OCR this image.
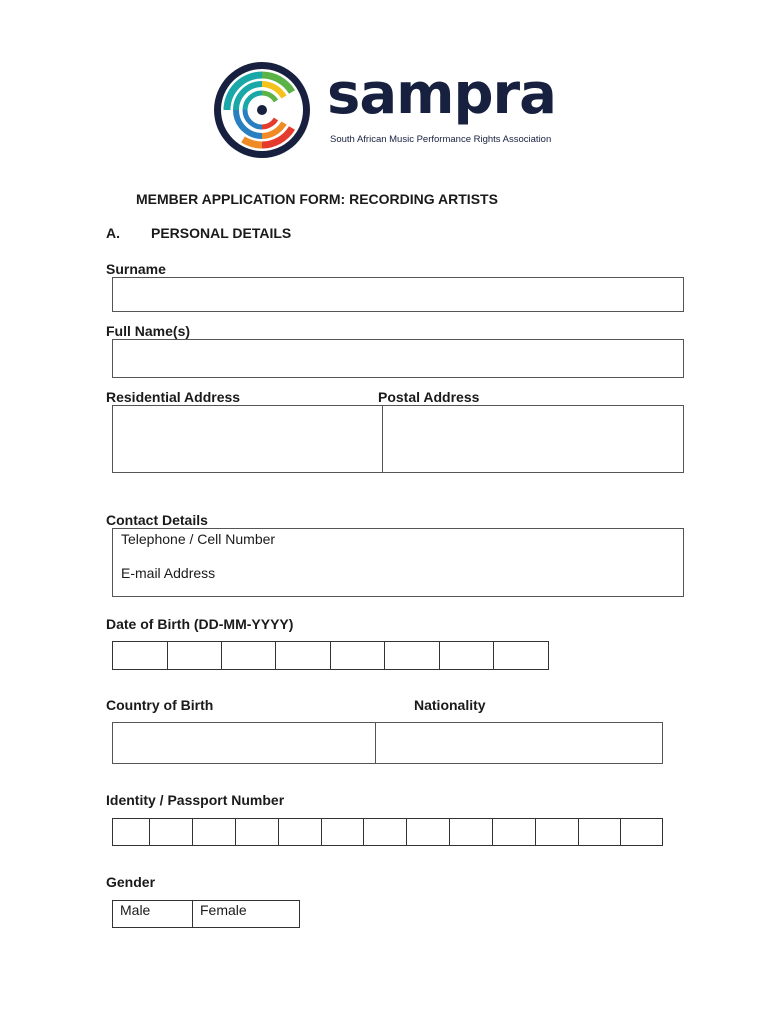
sampra
South African Music Performance Rights Association
MEMBER APPLICATION FORM: RECORDING ARTISTS
A. PERSONAL DETAILS
Surname
Full Name(s)
Residential Address	Postal Address
Contact Details
Telephone / Cell Number
E-mail Address
Date of Birth (DD-MM-YYYY)
Country of Birth	Nationality
Identity / Passport Number
Gender
Male	Female
